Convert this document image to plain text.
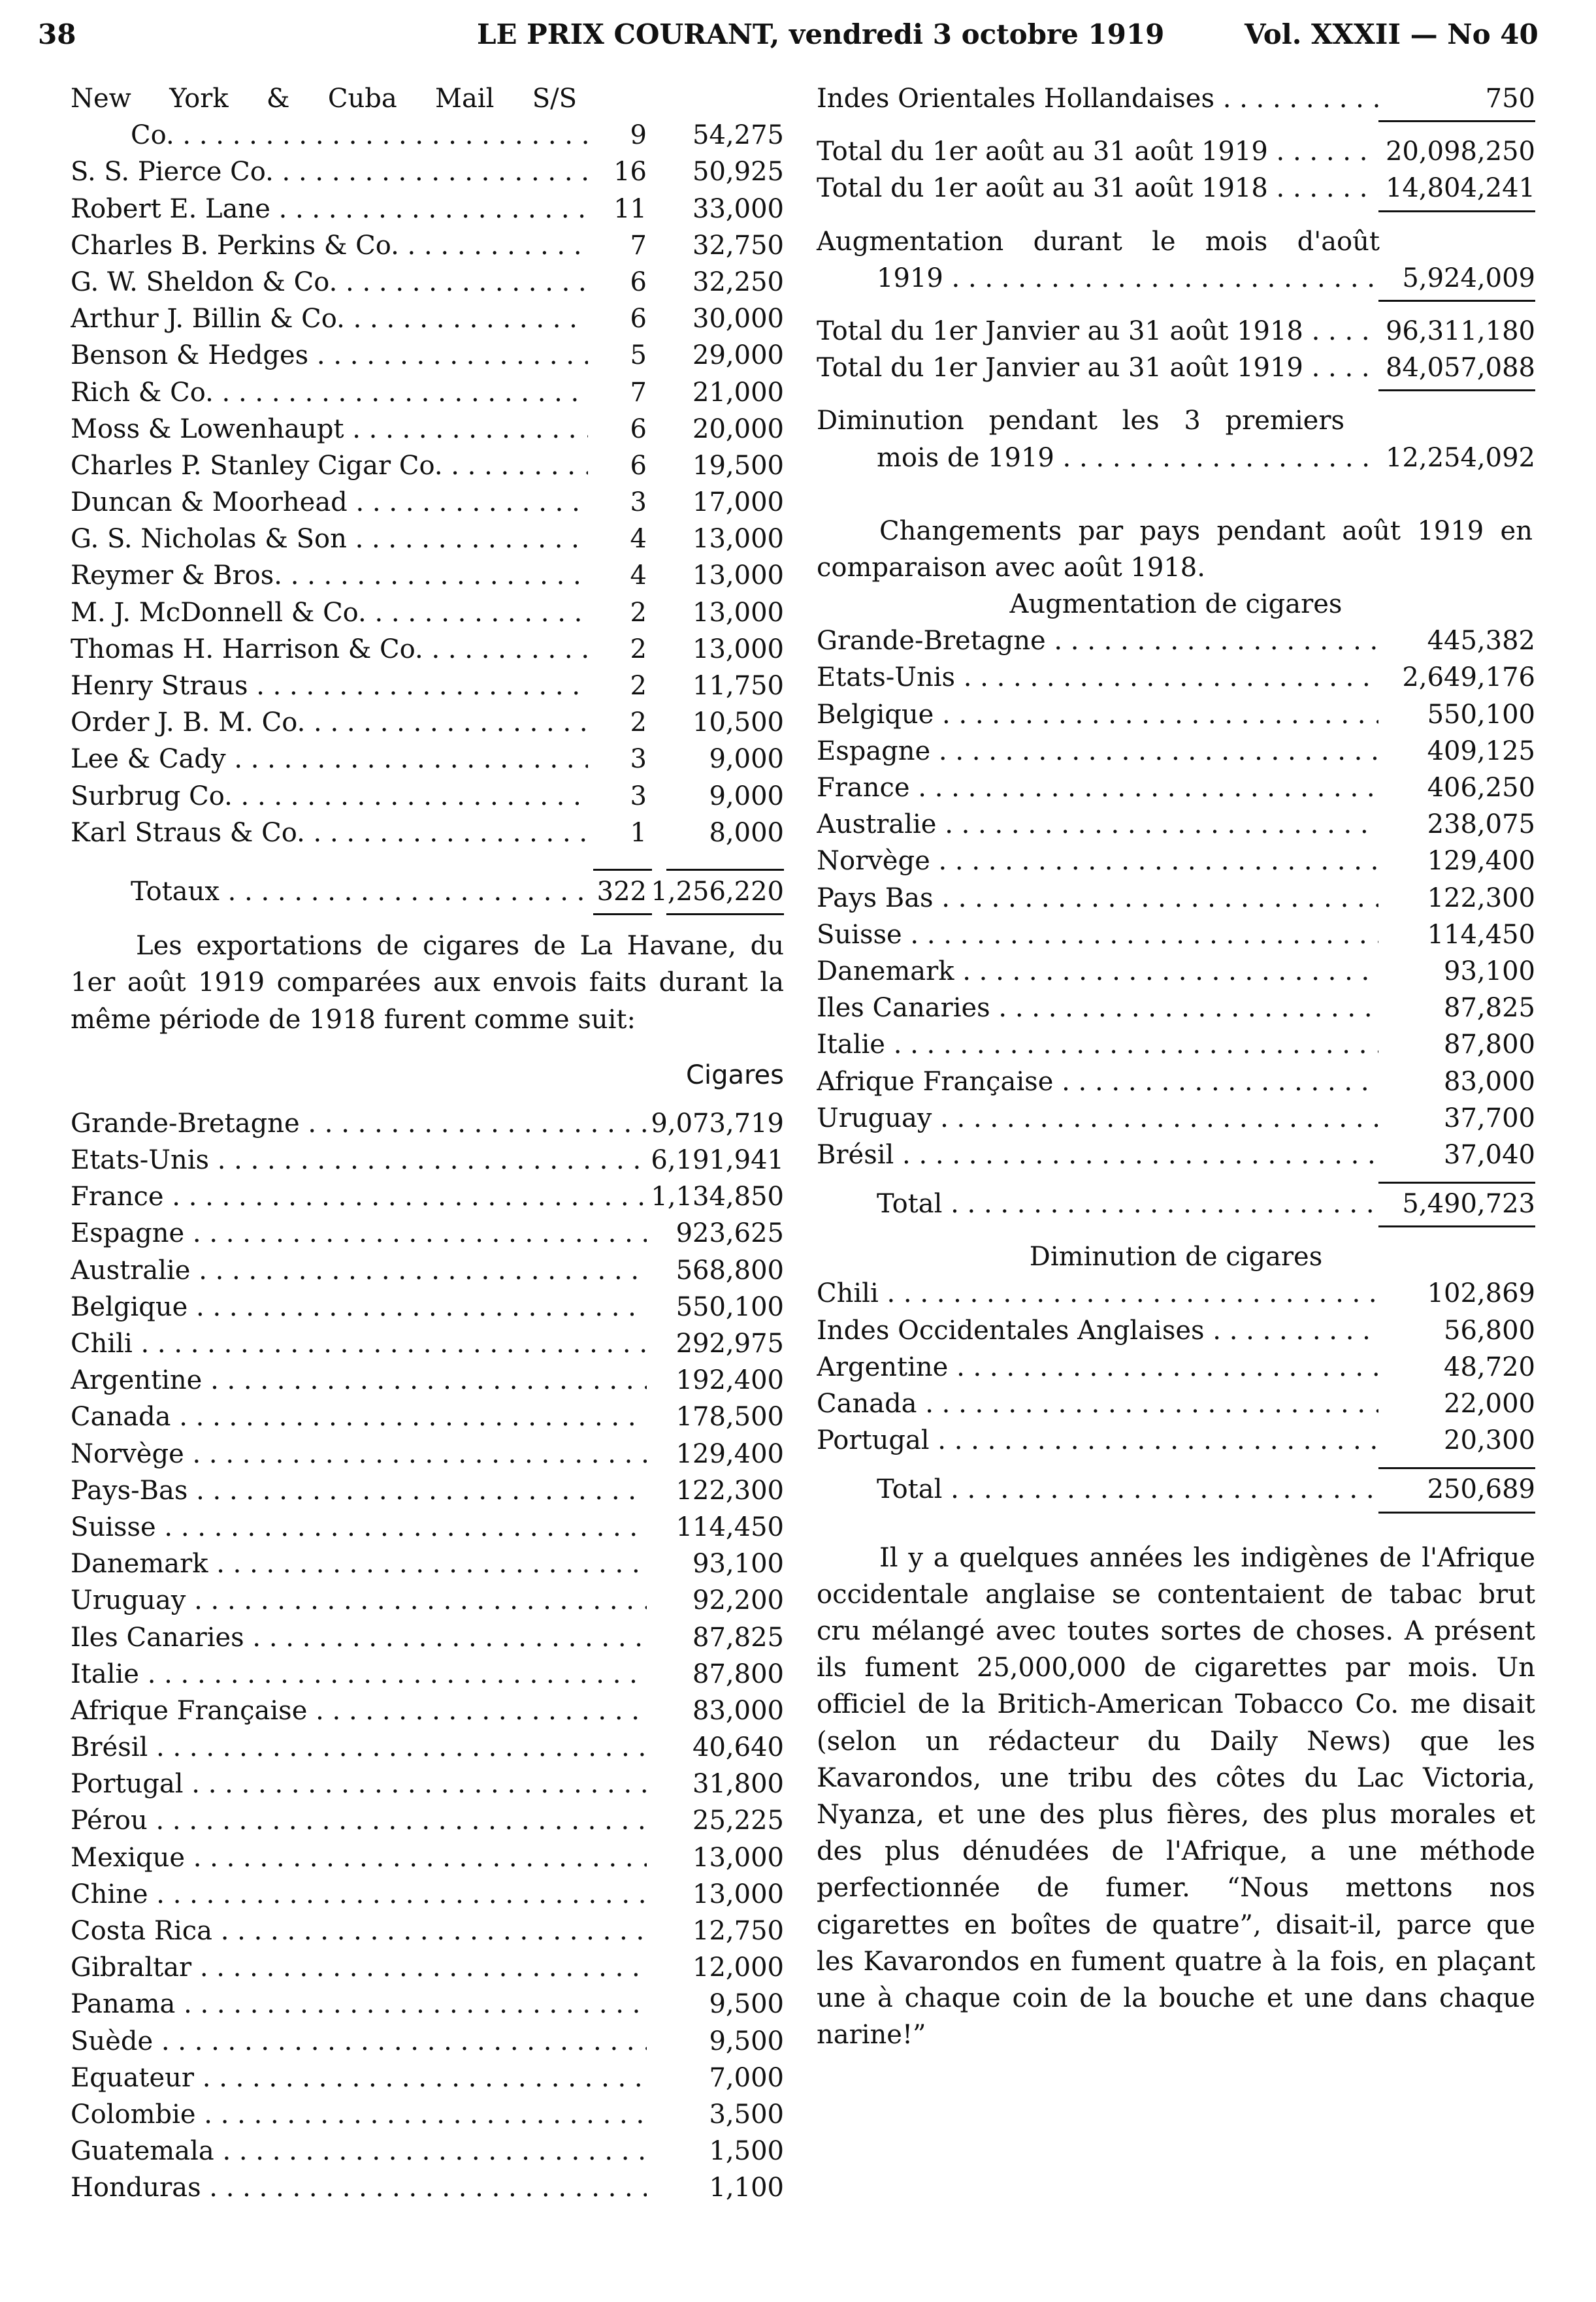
38	LE PRIX COURANT, vendredi 3 octobre 1919	Vol. XXXII — No 40
New York & Cuba Mail S/S
Co. . . .	9	54,275
S. S. Pierce Co. . . .	16	50,925
Robert E. Lane . . .	11	33,000
Charles B. Perkins & Co. . . .	7	32,750
G. W. Sheldon & Co. . . .	6	32,250
Arthur J. Billin & Co. . . .	6	30,000
Benson & Hedges . . .	5	29,000
Rich & Co. . . .	7	21,000
Moss & Lowenhaupt . . .	6	20,000
Charles P. Stanley Cigar Co. . . .	6	19,500
Duncan & Moorhead . . .	3	17,000
G. S. Nicholas & Son . . .	4	13,000
Reymer & Bros. . . .	4	13,000
M. J. McDonnell & Co. . . .	2	13,000
Thomas H. Harrison & Co. . . .	2	13,000
Henry Straus . . .	2	11,750
Order J. B. M. Co. . . .	2	10,500
Lee & Cady . . .	3	9,000
Surbrug Co. . . .	3	9,000
Karl Straus & Co. . . .	1	8,000
Totaux . . .	322 1,256,220
Les exportations de cigares de La Havane, du 1er août 1919 comparées aux envois faits durant la même période de 1918 furent comme suit:
Cigares
Grande-Bretagne . . .	9,073,719
Etats-Unis . . .	6,191,941
France . . .	1,134,850
Espagne . . .	923,625
Australie . . .	568,800
Belgique . . .	550,100
Chili . . .	292,975
Argentine . . .	192,400
Canada . . .	178,500
Norvège . . .	129,400
Pays-Bas . . .	122,300
Suisse . . .	114,450
Danemark . . .	93,100
Uruguay . . .	92,200
Iles Canaries . . .	87,825
Italie . . .	87,800
Afrique Française . . .	83,000
Brésil . . .	40,640
Portugal . . .	31,800
Pérou . . .	25,225
Mexique . . .	13,000
Chine . . .	13,000
Costa Rica . . .	12,750
Gibraltar . . .	12,000
Panama . . .	9,500
Suède . . .	9,500
Equateur . . .	7,000
Colombie . . .	3,500
Guatemala . . .	1,500
Honduras . . .	1,100
Indes Orientales Hollandaises . . .	750
Total du 1er août au 31 août 1919 . . .	20,098,250
Total du 1er août au 31 août 1918 . . .	14,804,241
Augmentation durant le mois d'août
1919 . . .	5,924,009
Total du 1er Janvier au 31 août 1918 . . .	96,311,180
Total du 1er Janvier au 31 août 1919 . . .	84,057,088
Diminution pendant les 3 premiers
mois de 1919 . . .	12,254,092
Changements par pays pendant août 1919 en
comparaison avec août 1918.
Augmentation de cigares
Grande-Bretagne . . .	445,382
Etats-Unis . . .	2,649,176
Belgique . . .	550,100
Espagne . . .	409,125
France . . .	406,250
Australie . . .	238,075
Norvège . . .	129,400
Pays Bas . . .	122,300
Suisse . . .	114,450
Danemark . . .	93,100
Iles Canaries . . .	87,825
Italie . . .	87,800
Afrique Française . . .	83,000
Uruguay . . .	37,700
Brésil . . .	37,040
Total . . .	5,490,723
Diminution de cigares
Chili . . .	102,869
Indes Occidentales Anglaises . . .	56,800
Argentine . . .	48,720
Canada . . .	22,000
Portugal . . .	20,300
Total . . .	250,689
Il y a quelques années les indigènes de l'Afrique occidentale anglaise se contentaient de tabac brut cru mélangé avec toutes sortes de choses. A présent ils fument 25,000,000 de cigarettes par mois. Un officiel de la Britich-American Tobacco Co. me disait (selon un rédacteur du Daily News) que les Kavarondos, une tribu des côtes du Lac Victoria, Nyanza, et une des plus fières, des plus morales et des plus dénudées de l'Afrique, a une méthode perfectionnée de fumer. “Nous mettons nos cigarettes en boîtes de quatre”, disait-il, parce que les Kavarondos en fument quatre à la fois, en plaçant une à chaque coin de la bouche et une dans chaque narine!”
